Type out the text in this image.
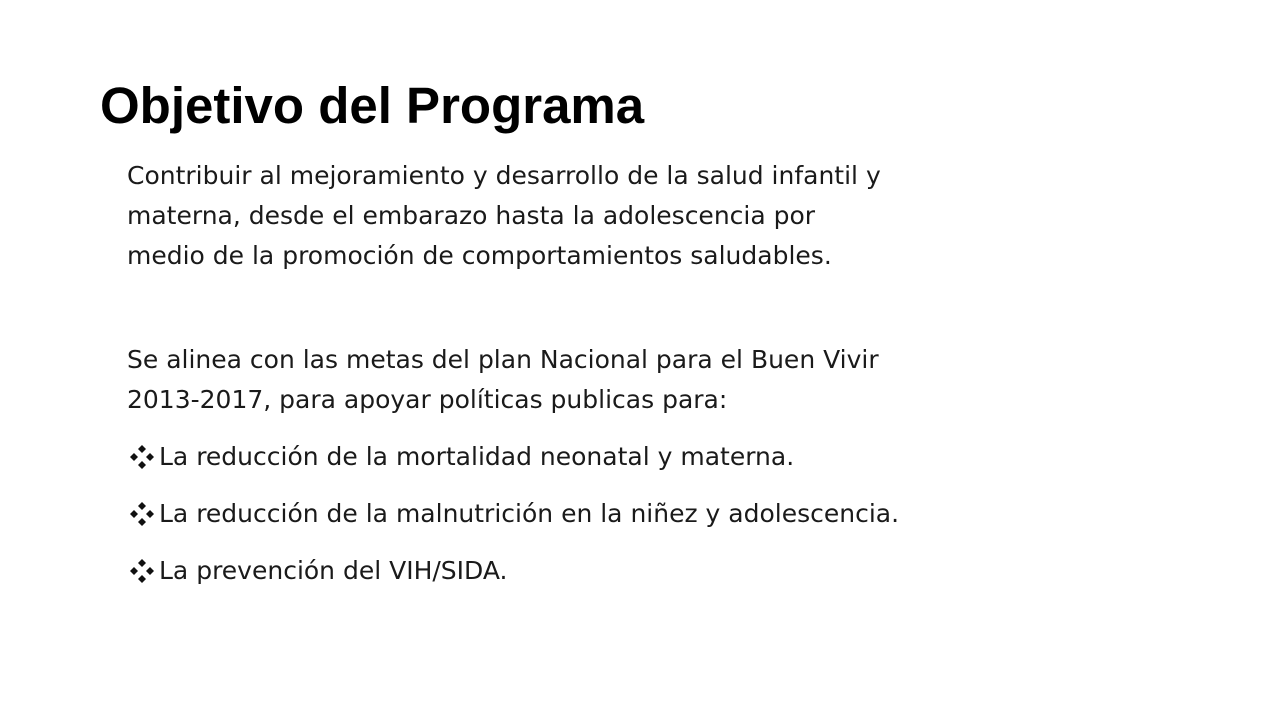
Objetivo del Programa

Contribuir al mejoramiento y desarrollo de la salud infantil y
materna, desde el embarazo hasta la adolescencia por
medio de la promoción de comportamientos saludables.

Se alinea con las metas del plan Nacional para el Buen Vivir
2013-2017, para apoyar políticas publicas para:

La reducción de la mortalidad neonatal y materna.
La reducción de la malnutrición en la niñez y adolescencia.
La prevención del VIH/SIDA.
